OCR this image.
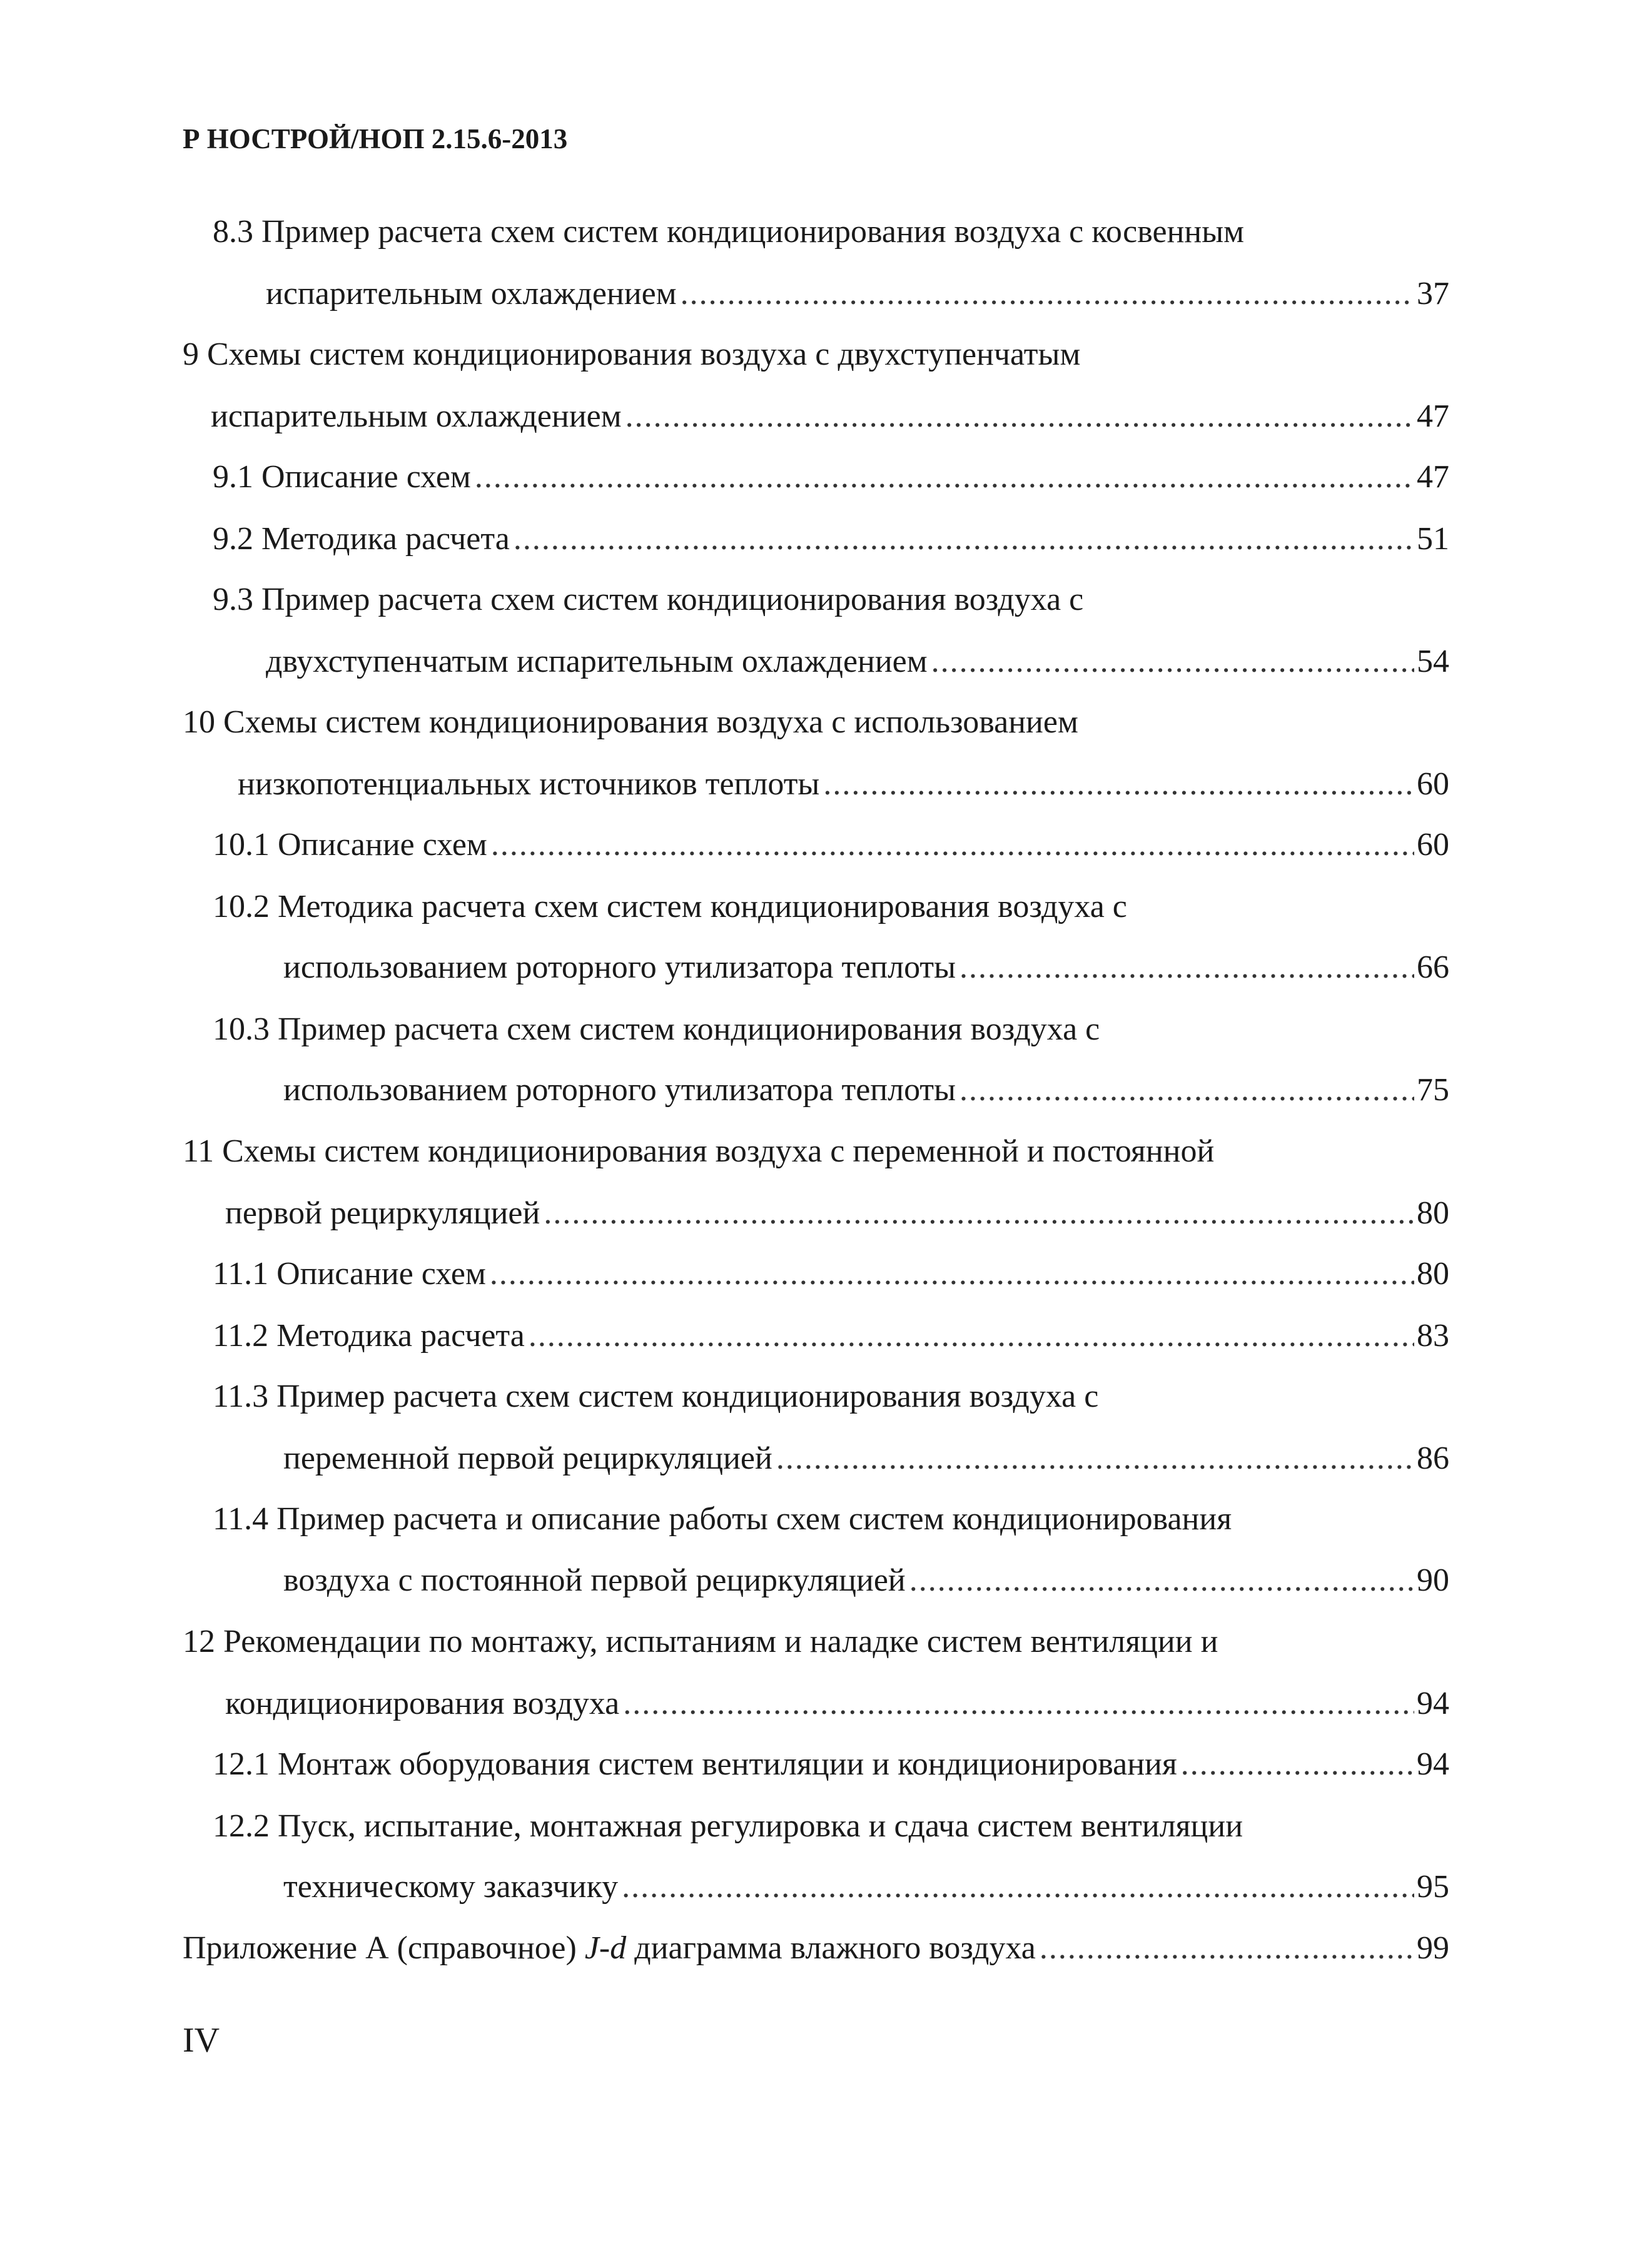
Р НОСТРОЙ/НОП 2.15.6-2013
8.3 Пример расчета схем систем кондиционирования воздуха с косвенным
испарительным охлаждением .....	37
9 Схемы систем кондиционирования воздуха с двухступенчатым
испарительным охлаждением .....	47
9.1 Описание схем .....	47
9.2 Методика расчета .....	51
9.3 Пример расчета схем систем кондиционирования воздуха с
двухступенчатым испарительным охлаждением .....	54
10 Схемы систем кондиционирования воздуха с использованием
низкопотенциальных источников теплоты .....	60
10.1 Описание схем .....	60
10.2 Методика расчета схем систем кондиционирования воздуха с
использованием роторного утилизатора теплоты .....	66
10.3 Пример расчета схем систем кондиционирования воздуха с
использованием роторного утилизатора теплоты .....	75
11 Схемы систем кондиционирования воздуха с переменной и постоянной
первой рециркуляцией .....	80
11.1 Описание схем .....	80
11.2 Методика расчета .....	83
11.3 Пример расчета схем систем кондиционирования воздуха с
переменной первой рециркуляцией .....	86
11.4 Пример расчета и описание работы схем систем кондиционирования
воздуха с постоянной первой рециркуляцией .....	90
12 Рекомендации по монтажу, испытаниям и наладке систем вентиляции и
кондиционирования воздуха .....	94
12.1 Монтаж оборудования систем вентиляции и кондиционирования .....	94
12.2 Пуск, испытание, монтажная регулировка и сдача систем вентиляции
техническому заказчику .....	95
Приложение А (справочное) J-d диаграмма влажного воздуха .....	99
IV
